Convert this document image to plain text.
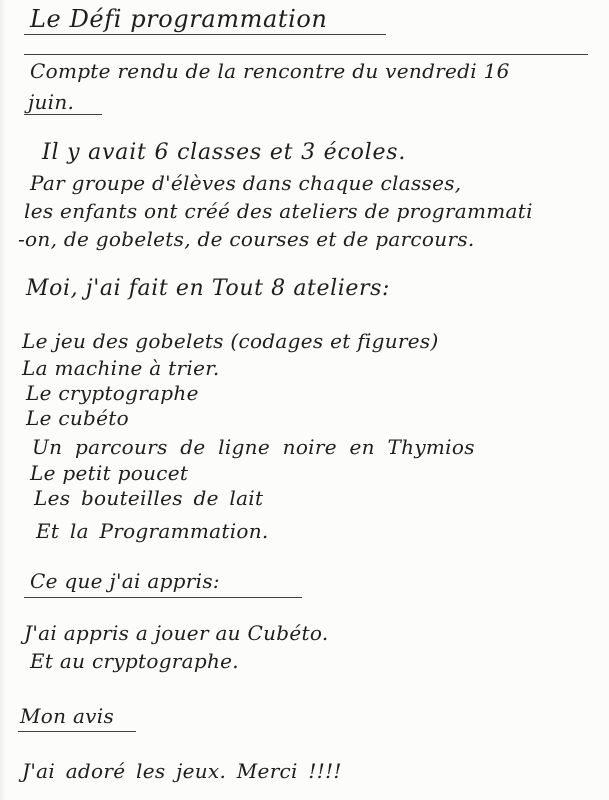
Le Défi programmation
Compte rendu de la rencontre du vendredi 16
juin.
Il y avait 6 classes et 3 écoles.
Par groupe d'élèves dans chaque classes,
les enfants ont créé des ateliers de programmati
-on, de gobelets, de courses et de parcours.
Moi, j'ai fait en Tout 8 ateliers:
Le jeu des gobelets (codages et figures)
La machine à trier.
Le cryptographe
Le cubéto
Un parcours de ligne noire en Thymios
Le petit poucet
Les bouteilles de lait
Et la Programmation.
Ce que j'ai appris:
J'ai appris a jouer au Cubéto.
Et au cryptographe.
Mon avis
J'ai adoré les jeux. Merci !!!!
